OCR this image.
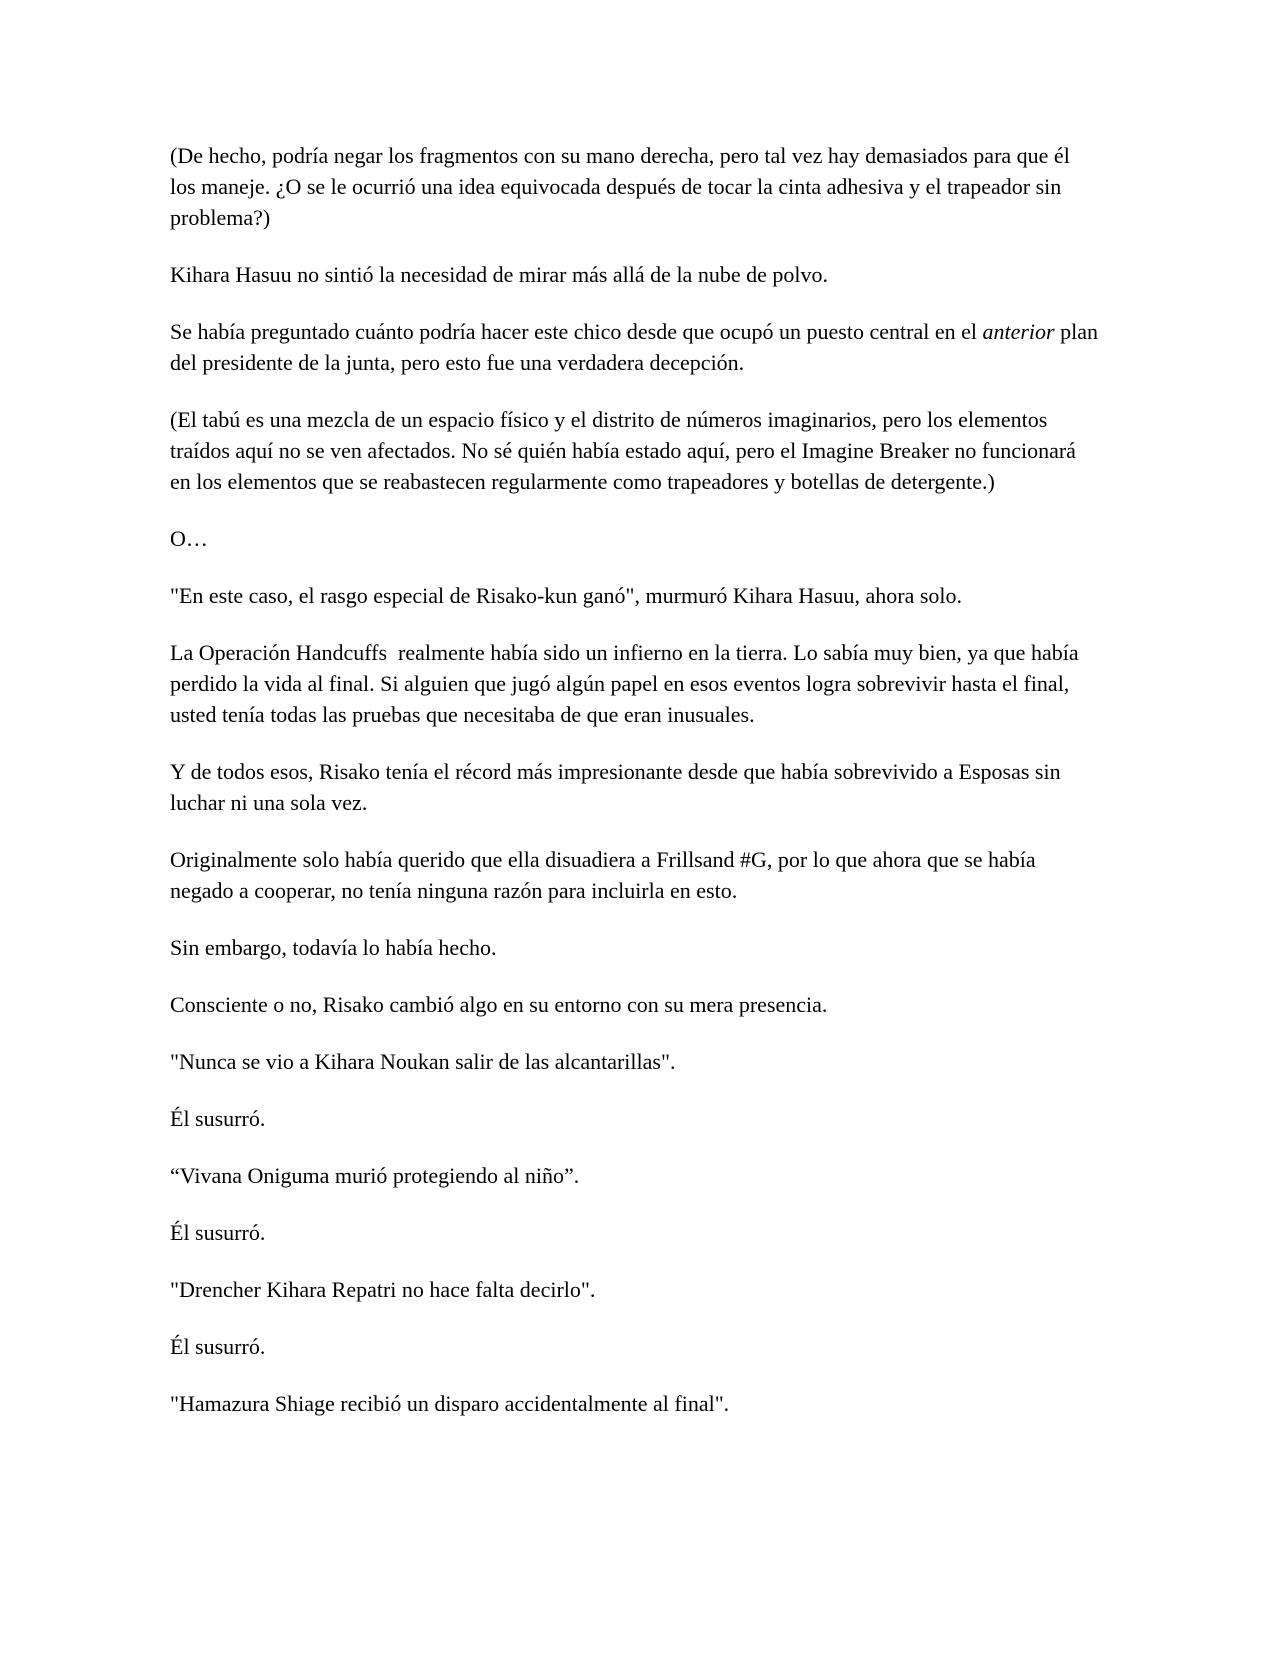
(De hecho, podría negar los fragmentos con su mano derecha, pero tal vez hay demasiados para que él los maneje. ¿O se le ocurrió una idea equivocada después de tocar la cinta adhesiva y el trapeador sin problema?)

Kihara Hasuu no sintió la necesidad de mirar más allá de la nube de polvo.

Se había preguntado cuánto podría hacer este chico desde que ocupó un puesto central en el anterior plan del presidente de la junta, pero esto fue una verdadera decepción.

(El tabú es una mezcla de un espacio físico y el distrito de números imaginarios, pero los elementos traídos aquí no se ven afectados. No sé quién había estado aquí, pero el Imagine Breaker no funcionará en los elementos que se reabastecen regularmente como trapeadores y botellas de detergente.)

O…

"En este caso, el rasgo especial de Risako-kun ganó", murmuró Kihara Hasuu, ahora solo.

La Operación Handcuffs  realmente había sido un infierno en la tierra. Lo sabía muy bien, ya que había perdido la vida al final. Si alguien que jugó algún papel en esos eventos logra sobrevivir hasta el final, usted tenía todas las pruebas que necesitaba de que eran inusuales.

Y de todos esos, Risako tenía el récord más impresionante desde que había sobrevivido a Esposas sin luchar ni una sola vez.

Originalmente solo había querido que ella disuadiera a Frillsand #G, por lo que ahora que se había negado a cooperar, no tenía ninguna razón para incluirla en esto.

Sin embargo, todavía lo había hecho.

Consciente o no, Risako cambió algo en su entorno con su mera presencia.

"Nunca se vio a Kihara Noukan salir de las alcantarillas".

Él susurró.

“Vivana Oniguma murió protegiendo al niño”.

Él susurró.

"Drencher Kihara Repatri no hace falta decirlo".

Él susurró.

"Hamazura Shiage recibió un disparo accidentalmente al final".
